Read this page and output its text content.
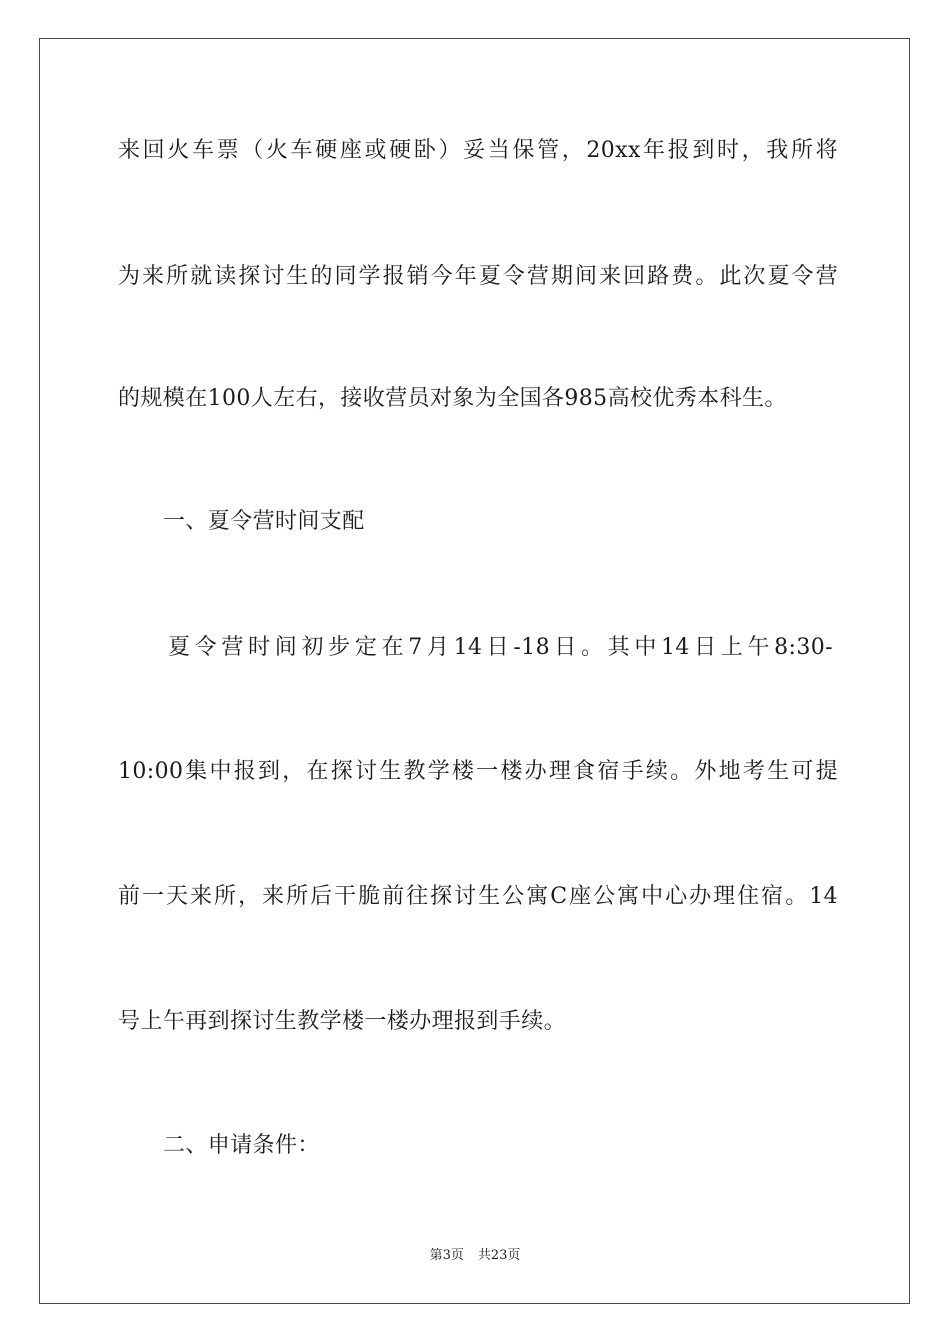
来回火车票（火车硬座或硬卧）妥当保管，20xx年报到时，我所将
为来所就读探讨生的同学报销今年夏令营期间来回路费。此次夏令营
的规模在100人左右，接收营员对象为全国各985高校优秀本科生。
一、夏令营时间支配
夏令营时间初步定在7月14日-18日。其中14日上午8:30-
10:00集中报到，在探讨生教学楼一楼办理食宿手续。外地考生可提
前一天来所，来所后干脆前往探讨生公寓C座公寓中心办理住宿。14
号上午再到探讨生教学楼一楼办理报到手续。
二、申请条件：
第3页 共23页
